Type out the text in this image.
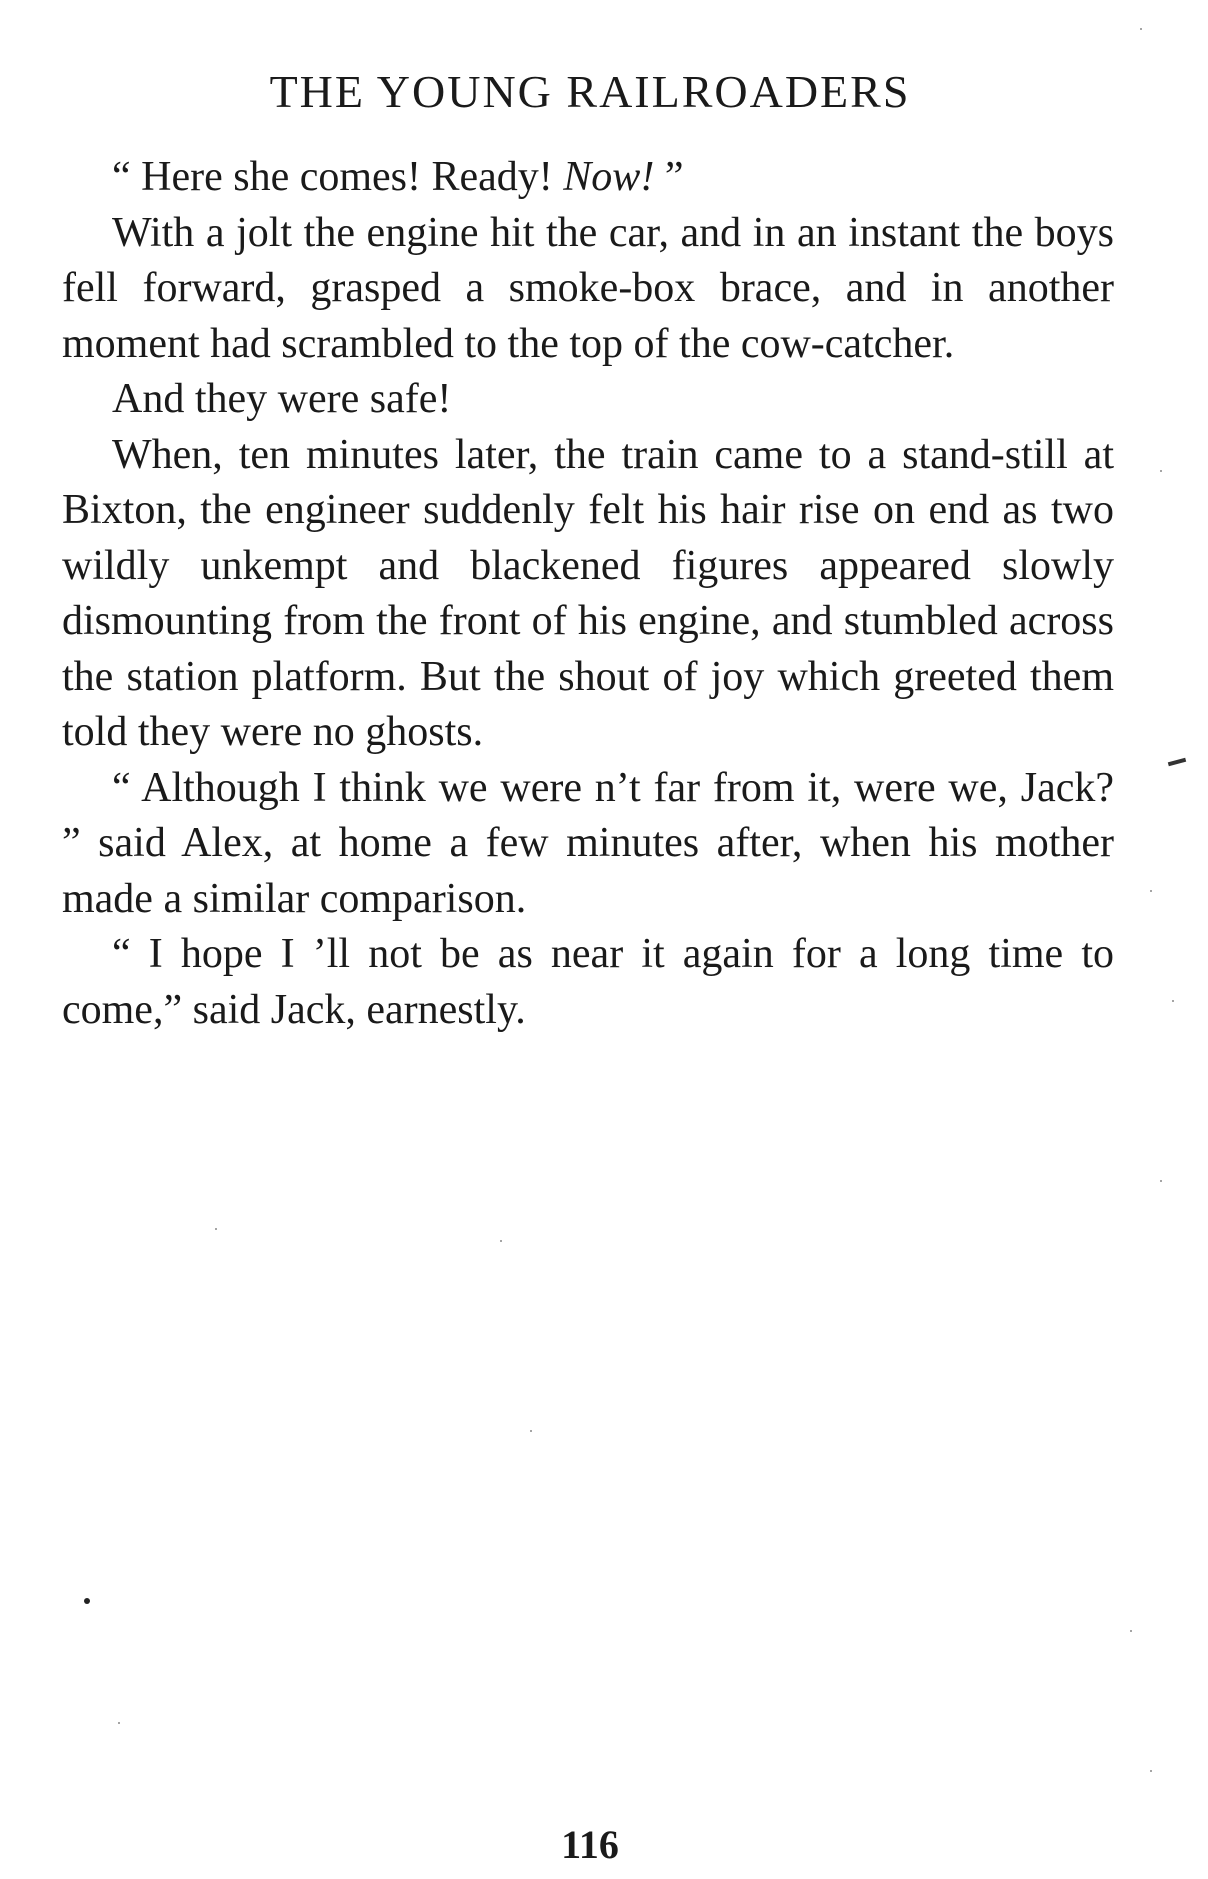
THE YOUNG RAILROADERS

“ Here she comes! Ready! Now! ”

With a jolt the engine hit the car, and in an instant the boys fell forward, grasped a smoke-box brace, and in another moment had scrambled to the top of the cow-catcher.

And they were safe!

When, ten minutes later, the train came to a stand-still at Bixton, the engineer suddenly felt his hair rise on end as two wildly unkempt and blackened figures appeared slowly dismounting from the front of his engine, and stumbled across the station platform. But the shout of joy which greeted them told they were no ghosts.

“ Although I think we were n’t far from it, were we, Jack? ” said Alex, at home a few minutes after, when his mother made a similar comparison.

“ I hope I ’ll not be as near it again for a long time to come,” said Jack, earnestly.

116
